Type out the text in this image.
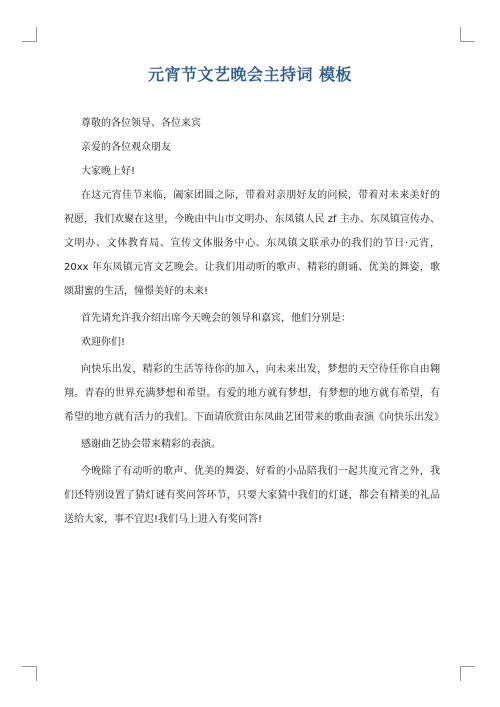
元宵节文艺晚会主持词 模板

尊敬的各位领导、各位来宾

亲爱的各位观众朋友

大家晚上好!

在这元宵佳节来临，阖家团圆之际，带着对亲朋好友的问候，带着对未来美好的祝愿，我们欢聚在这里，今晚由中山市文明办、东凤镇人民 zf 主办、东凤镇宣传办、文明办、文体教育局、宣传文体服务中心、东凤镇文联承办的我们的节日·元宵，20xx 年东凤镇元宵文艺晚会。让我们用动听的歌声、精彩的朗诵、优美的舞姿，歌颂甜蜜的生活，憧憬美好的未来!

首先请允许我介绍出席今天晚会的领导和嘉宾，他们分别是：

欢迎你们!

向快乐出发，精彩的生活等待你的加入，向未来出发，梦想的天空待任你自由翱翔。青春的世界充满梦想和希望。有爱的地方就有梦想，有梦想的地方就有希望，有希望的地方就有活力的我们。下面请欣赏由东凤曲艺团带来的歌曲表演《向快乐出发》

感谢曲艺协会带来精彩的表演。

今晚除了有动听的歌声、优美的舞姿、好看的小品陪我们一起共度元宵之外，我们还特别设置了猜灯谜有奖问答环节，只要大家猜中我们的灯谜，都会有精美的礼品送给大家，事不宜迟!我们马上进入有奖问答!
